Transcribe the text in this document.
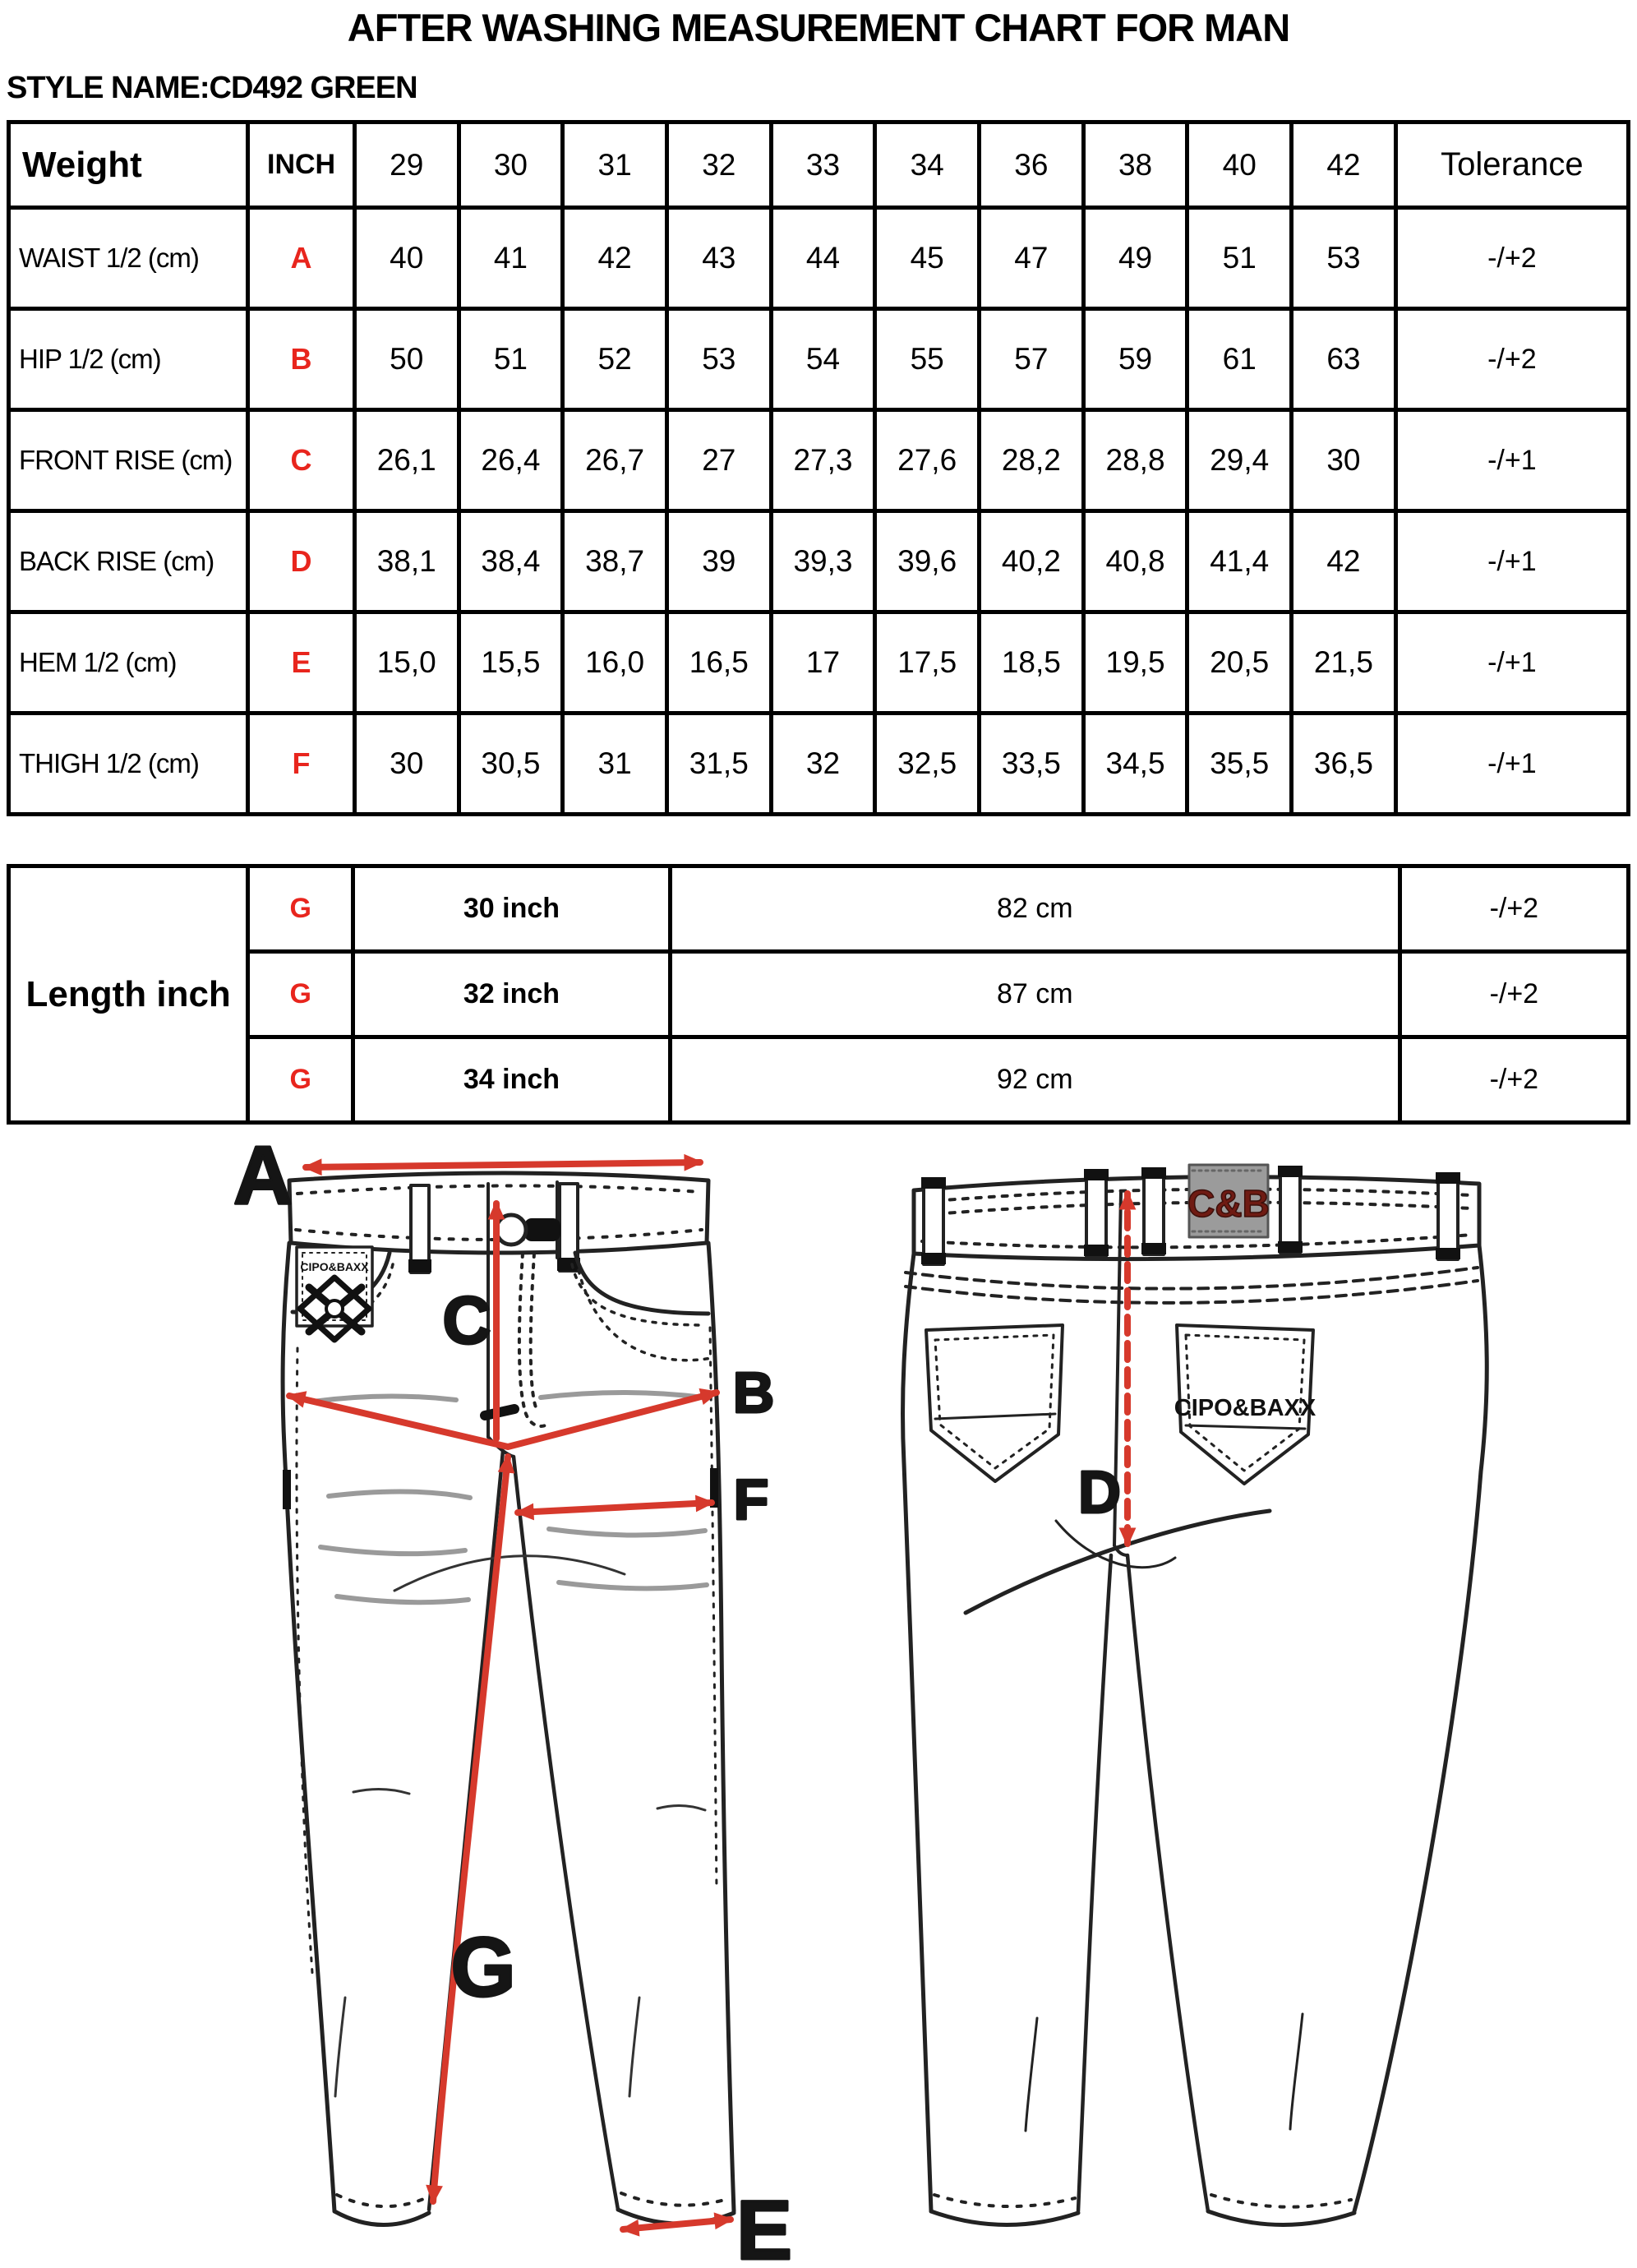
AFTER WASHING MEASUREMENT CHART FOR MAN
STYLE NAME:CD492 GREEN
Weight	INCH	29	30	31	32	33	34	36	38	40	42	Tolerance
WAIST 1/2 (cm)	A	40	41	42	43	44	45	47	49	51	53	-/+2
HIP 1/2 (cm)	B	50	51	52	53	54	55	57	59	61	63	-/+2
FRONT RISE (cm)	C	26,1	26,4	26,7	27	27,3	27,6	28,2	28,8	29,4	30	-/+1
BACK RISE (cm)	D	38,1	38,4	38,7	39	39,3	39,6	40,2	40,8	41,4	42	-/+1
HEM 1/2 (cm)	E	15,0	15,5	16,0	16,5	17	17,5	18,5	19,5	20,5	21,5	-/+1
THIGH 1/2 (cm)	F	30	30,5	31	31,5	32	32,5	33,5	34,5	35,5	36,5	-/+1
Length inch	G	30 inch	82 cm	-/+2
	G	32 inch	87 cm	-/+2
	G	34 inch	92 cm	-/+2
CIPO&BAXX
A
C
B
F
G
E
C&B
CIPO&BAXX
D
